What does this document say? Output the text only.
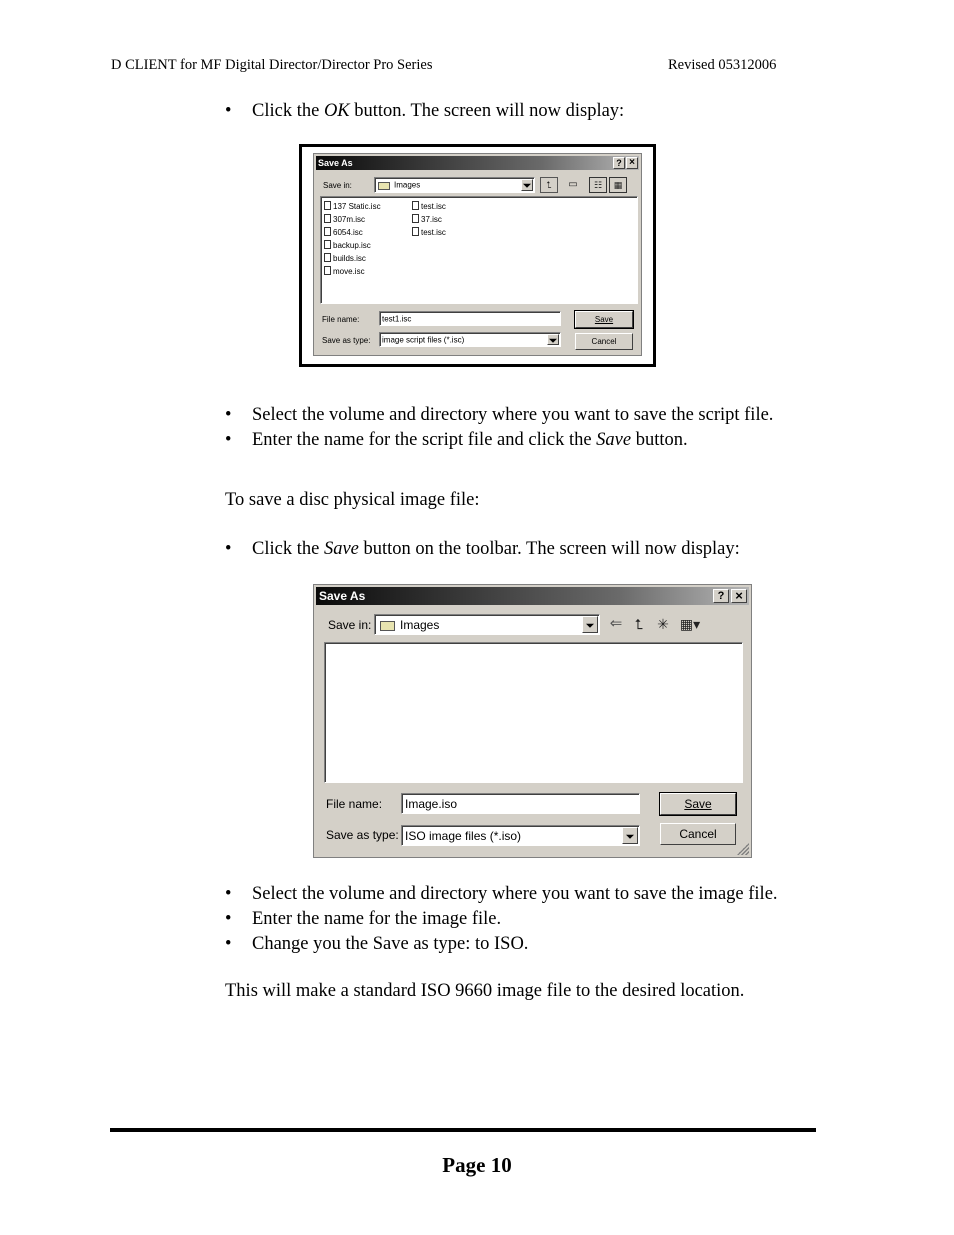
D CLIENT for MF Digital Director/Director Pro Series	Revised 05312006
• Click the OK button. The screen will now display:
Save As	? ×
Save in:	Images	⮤	▭	☷	▦
137 Static.isc
307m.isc
6054.isc
backup.isc
builds.isc
move.isc
test.isc
37.isc
test.isc
File name:	test1.isc
Save as type: image script files (*.isc)
Save
Cancel
• Select the volume and directory where you want to save the script file.
• Enter the name for the script file and click the Save button.
To save a disc physical image file:
• Click the Save button on the toolbar. The screen will now display:
Save As	? ×
Save in: Images	⇐ ⮤	✳ ▦▾
File name: Image.iso
Save as type: ISO image files (*.iso)
Save
Cancel
• Select the volume and directory where you want to save the image file.
• Enter the name for the image file.
• Change you the Save as type: to ISO.
This will make a standard ISO 9660 image file to the desired location.
Page 10
